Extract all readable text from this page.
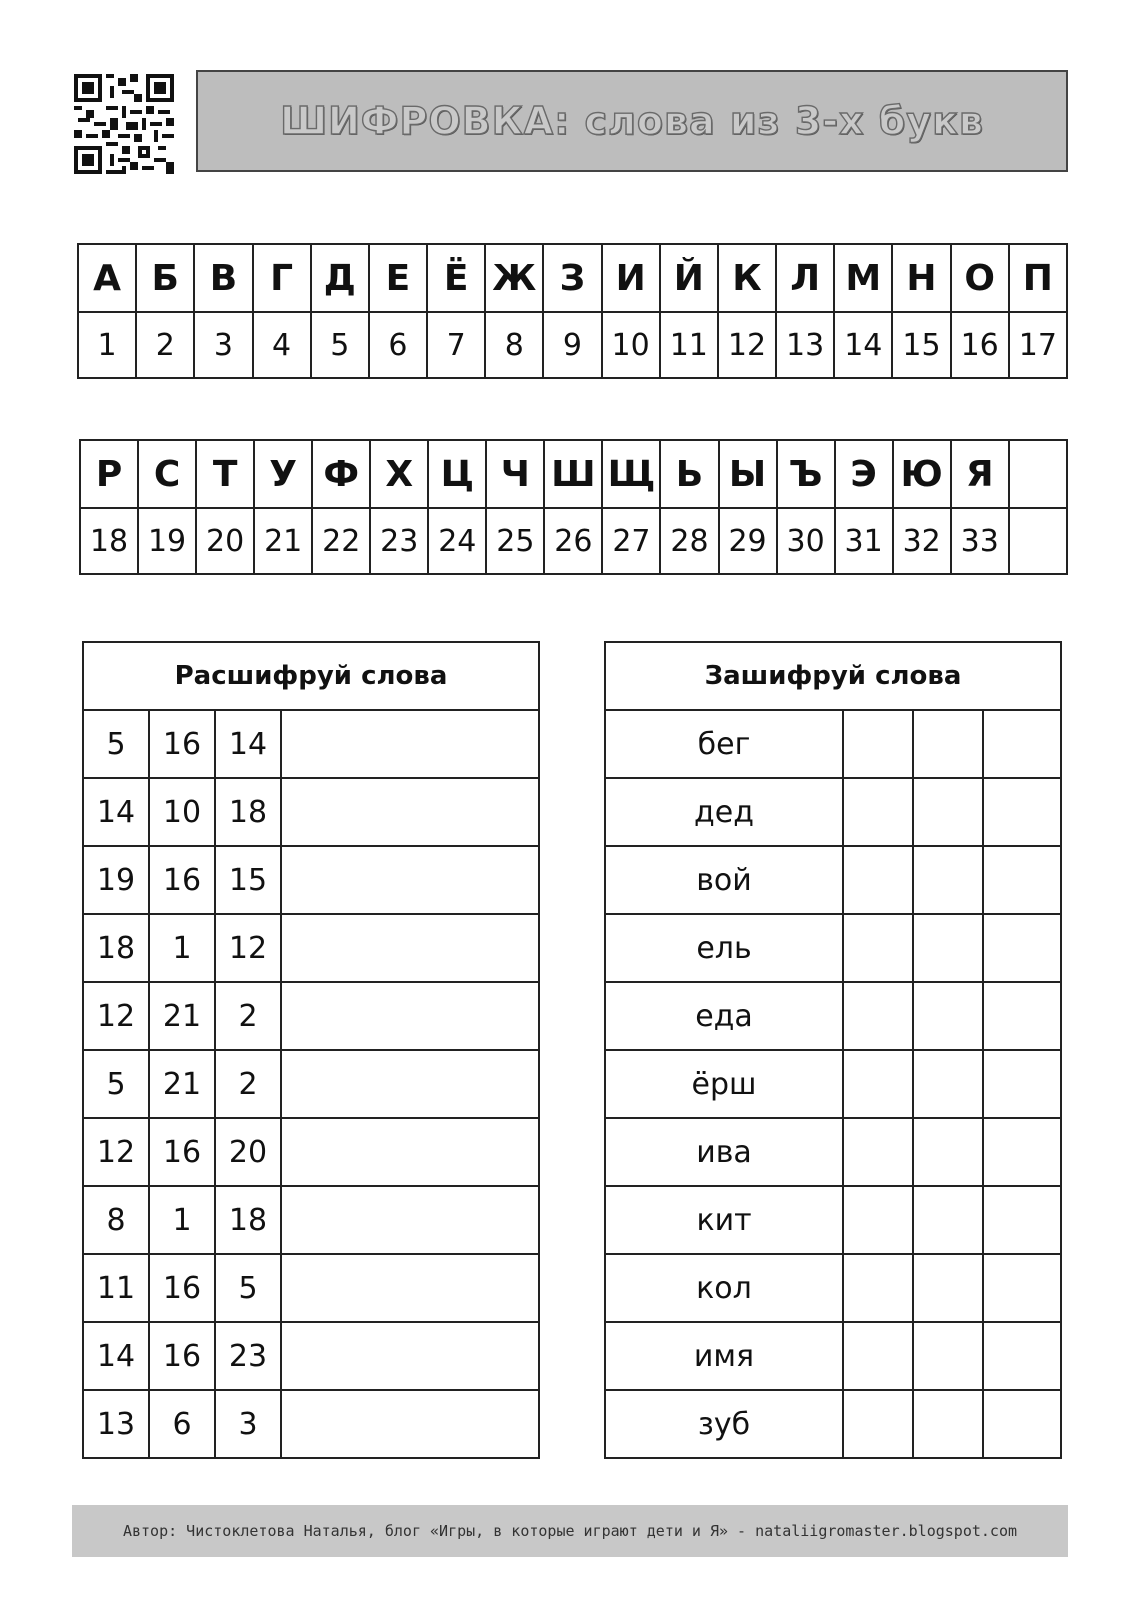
ШИФРОВКА: слова из 3-х букв
А	Б	В	Г	Д	Е	Ё	Ж	З	И	Й	К	Л	М	Н	О	П
1	2	3	4	5	6	7	8	9	10	11	12	13	14	15	16	17
Р	С	Т	У	Ф	Х	Ц	Ч	Ш	Щ	Ь	Ы	Ъ	Э	Ю	Я	
18	19	20	21	22	23	24	25	26	27	28	29	30	31	32	33	
Расшифруй слова			
5	16	14	
14	10	18	
19	16	15	
18	1	12	
12	21	2	
5	21	2	
12	16	20	
8	1	18	
11	16	5	
14	16	23	
13	6	3	
Зашифруй слова			
бег			
дед			
вой			
ель			
еда			
ёрш			
ива			
кит			
кол			
имя			
зуб			
Автор: Чистоклетова Наталья, блог «Игры, в которые играют дети и Я» - nataliigromaster.blogspot.com
